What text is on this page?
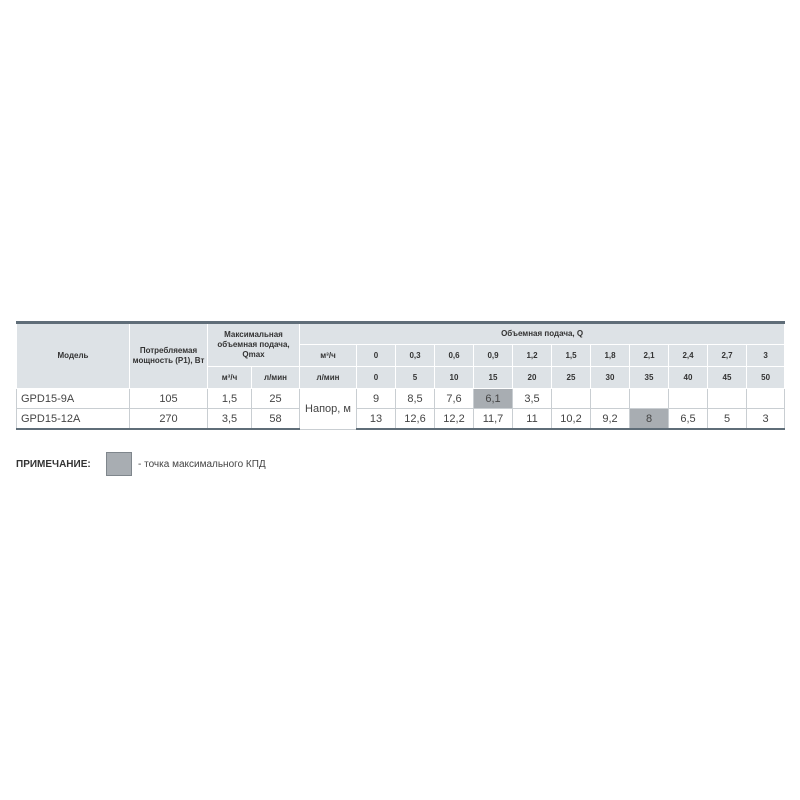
Модель	Потребляемая мощность (P1), Вт	Максимальная объемная подача, Qmax		Объемная подача, Q											
				м³/ч	0	0,3	0,6	0,9	1,2	1,5	1,8	2,1	2,4	2,7	3
		м³/ч	л/мин	л/мин	0	5	10	15	20	25	30	35	40	45	50
GPD15-9A	105	1,5	25	Напор, м	9	8,5	7,6	6,1	3,5						
GPD15-12A	270	3,5	58		13	12,6	12,2	11,7	11	10,2	9,2	8	6,5	5	3
ПРИМЕЧАНИЕ:	- точка максимального КПД
